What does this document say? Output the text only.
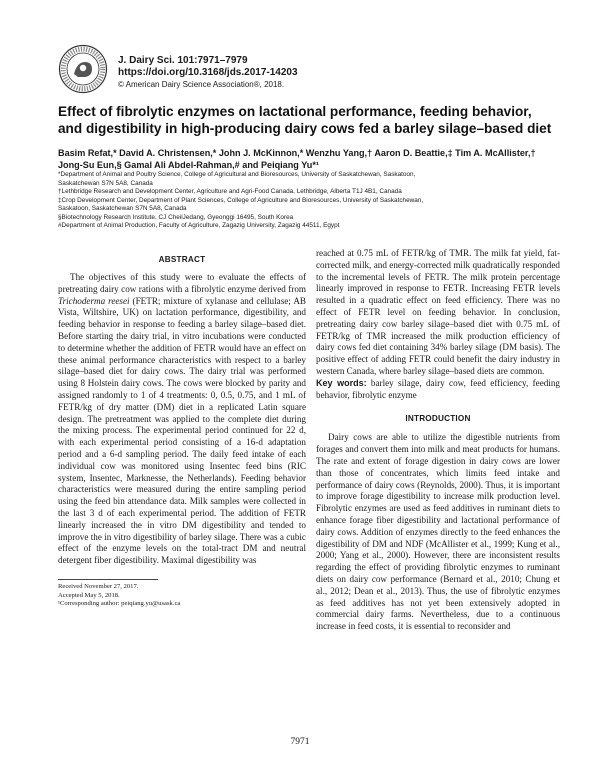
J. Dairy Sci. 101:7971–7979
https://doi.org/10.3168/jds.2017-14203
© American Dairy Science Association®, 2018.
Effect of fibrolytic enzymes on lactational performance, feeding behavior, and digestibility in high-producing dairy cows fed a barley silage–based diet
Basim Refat,* David A. Christensen,* John J. McKinnon,* Wenzhu Yang,† Aaron D. Beattie,‡ Tim A. McAllister,† Jong-Su Eun,§ Gamal Ali Abdel-Rahman,# and Peiqiang Yu*¹
*Department of Animal and Poultry Science, College of Agricultural and Bioresources, University of Saskatchewan, Saskatoon,
Saskatchewan S7N 5A8, Canada
†Lethbridge Research and Development Center, Agriculture and Agri-Food Canada, Lethbridge, Alberta T1J 4B1, Canada
‡Crop Development Center, Department of Plant Sciences, College of Agriculture and Bioresources, University of Saskatchewan,
Saskatoon, Saskatchewan S7N 5A8, Canada
§Biotechnology Research Institute, CJ CheilJedang, Gyeonggi 16495, South Korea
#Department of Animal Production, Faculty of Agriculture, Zagazig University, Zagazig 44511, Egypt
ABSTRACT

The objectives of this study were to evaluate the effects of pretreating dairy cow rations with a fibrolytic enzyme derived from Trichoderma reesei (FETR; mixture of xylanase and cellulase; AB Vista, Wiltshire, UK) on lactation performance, digestibility, and feeding behavior in response to feeding a barley silage–based diet. Before starting the dairy trial, in vitro incubations were conducted to determine whether the addition of FETR would have an effect on these animal performance characteristics with respect to a barley silage–based diet for dairy cows. The dairy trial was performed using 8 Holstein dairy cows. The cows were blocked by parity and assigned randomly to 1 of 4 treatments: 0, 0.5, 0.75, and 1 mL of FETR/kg of dry matter (DM) diet in a replicated Latin square design. The pretreatment was applied to the complete diet during the mixing process. The experimental period continued for 22 d, with each experimental period consisting of a 16-d adaptation period and a 6-d sampling period. The daily feed intake of each individual cow was monitored using Insentec feed bins (RIC system, Insentec, Marknesse, the Netherlands). Feeding behavior characteristics were measured during the entire sampling period using the feed bin attendance data. Milk samples were collected in the last 3 d of each experimental period. The addition of FETR linearly increased the in vitro DM digestibility and tended to improve the in vitro digestibility of barley silage. There was a cubic effect of the enzyme levels on the total-tract DM and neutral detergent fiber digestibility. Maximal digestibility was

Received November 27, 2017.
Accepted May 5, 2018.
¹Corresponding author: peiqiang.yu@usask.ca

reached at 0.75 mL of FETR/kg of TMR. The milk fat yield, fat-corrected milk, and energy-corrected milk quadratically responded to the incremental levels of FETR. The milk protein percentage linearly improved in response to FETR. Increasing FETR levels resulted in a quadratic effect on feed efficiency. There was no effect of FETR level on feeding behavior. In conclusion, pretreating dairy cow barley silage–based diet with 0.75 mL of FETR/kg of TMR increased the milk production efficiency of dairy cows fed diet containing 34% barley silage (DM basis). The positive effect of adding FETR could benefit the dairy industry in western Canada, where barley silage–based diets are common.

Key words: barley silage, dairy cow, feed efficiency, feeding behavior, fibrolytic enzyme

INTRODUCTION

Dairy cows are able to utilize the digestible nutrients from forages and convert them into milk and meat products for humans. The rate and extent of forage digestion in dairy cows are lower than those of concentrates, which limits feed intake and performance of dairy cows (Reynolds, 2000). Thus, it is important to improve forage digestibility to increase milk production level. Fibrolytic enzymes are used as feed additives in ruminant diets to enhance forage fiber digestibility and lactational performance of dairy cows. Addition of enzymes directly to the feed enhances the digestibility of DM and NDF (McAllister et al., 1999; Kung et al., 2000; Yang et al., 2000). However, there are inconsistent results regarding the effect of providing fibrolytic enzymes to ruminant diets on dairy cow performance (Bernard et al., 2010; Chung et al., 2012; Dean et al., 2013). Thus, the use of fibrolytic enzymes as feed additives has not yet been extensively adopted in commercial dairy farms. Nevertheless, due to a continuous increase in feed costs, it is essential to reconsider and

7971
